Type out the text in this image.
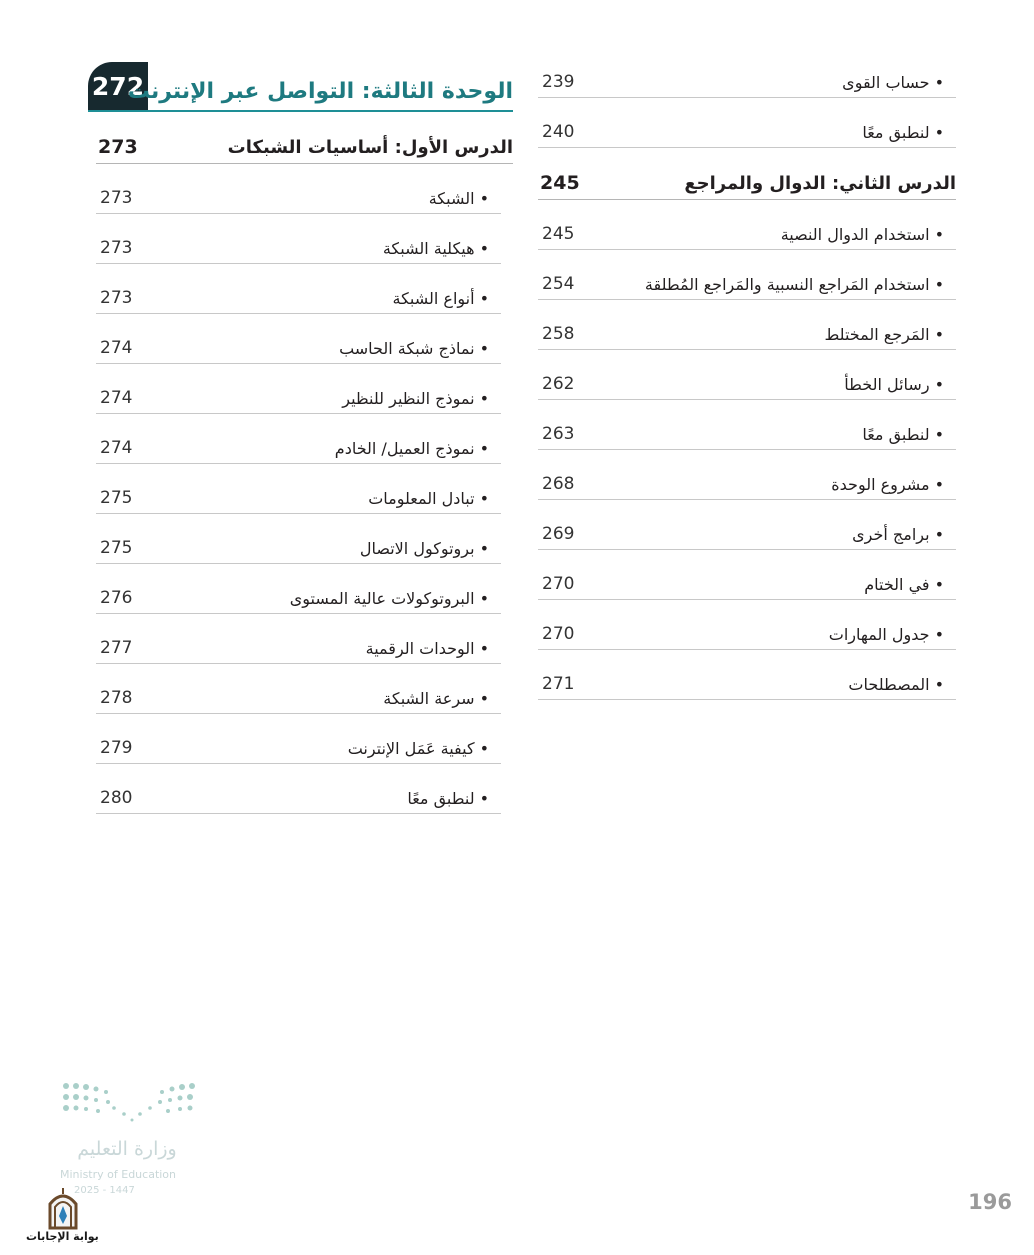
• حساب القوى
239
• لنطبق معًا
240
الدرس الثاني: الدوال والمراجع
245
• استخدام الدوال النصية
245
• استخدام المَراجع النسبية والمَراجع المُطلقة
254
• المَرجع المختلط
258
• رسائل الخطأ
262
• لنطبق معًا
263
• مشروع الوحدة
268
• برامج أخرى
269
• في الختام
270
• جدول المهارات
270
• المصطلحات
271
272
الوحدة الثالثة: التواصل عبر الإنترنت
الدرس الأول: أساسيات الشبكات
273
• الشبكة
273
• هيكلية الشبكة
273
• أنواع الشبكة
273
• نماذج شبكة الحاسب
274
• نموذج النظير للنظير
274
• نموذج العميل/ الخادم
274
• تبادل المعلومات
275
• بروتوكول الاتصال
275
• البروتوكولات عالية المستوى
276
• الوحدات الرقمية
277
• سرعة الشبكة
278
• كيفية عَمَل الإنترنت
279
• لنطبق معًا
280
وزارة التعليم
Ministry of Education
2025 - 1447
بوابة الإجابات
196
